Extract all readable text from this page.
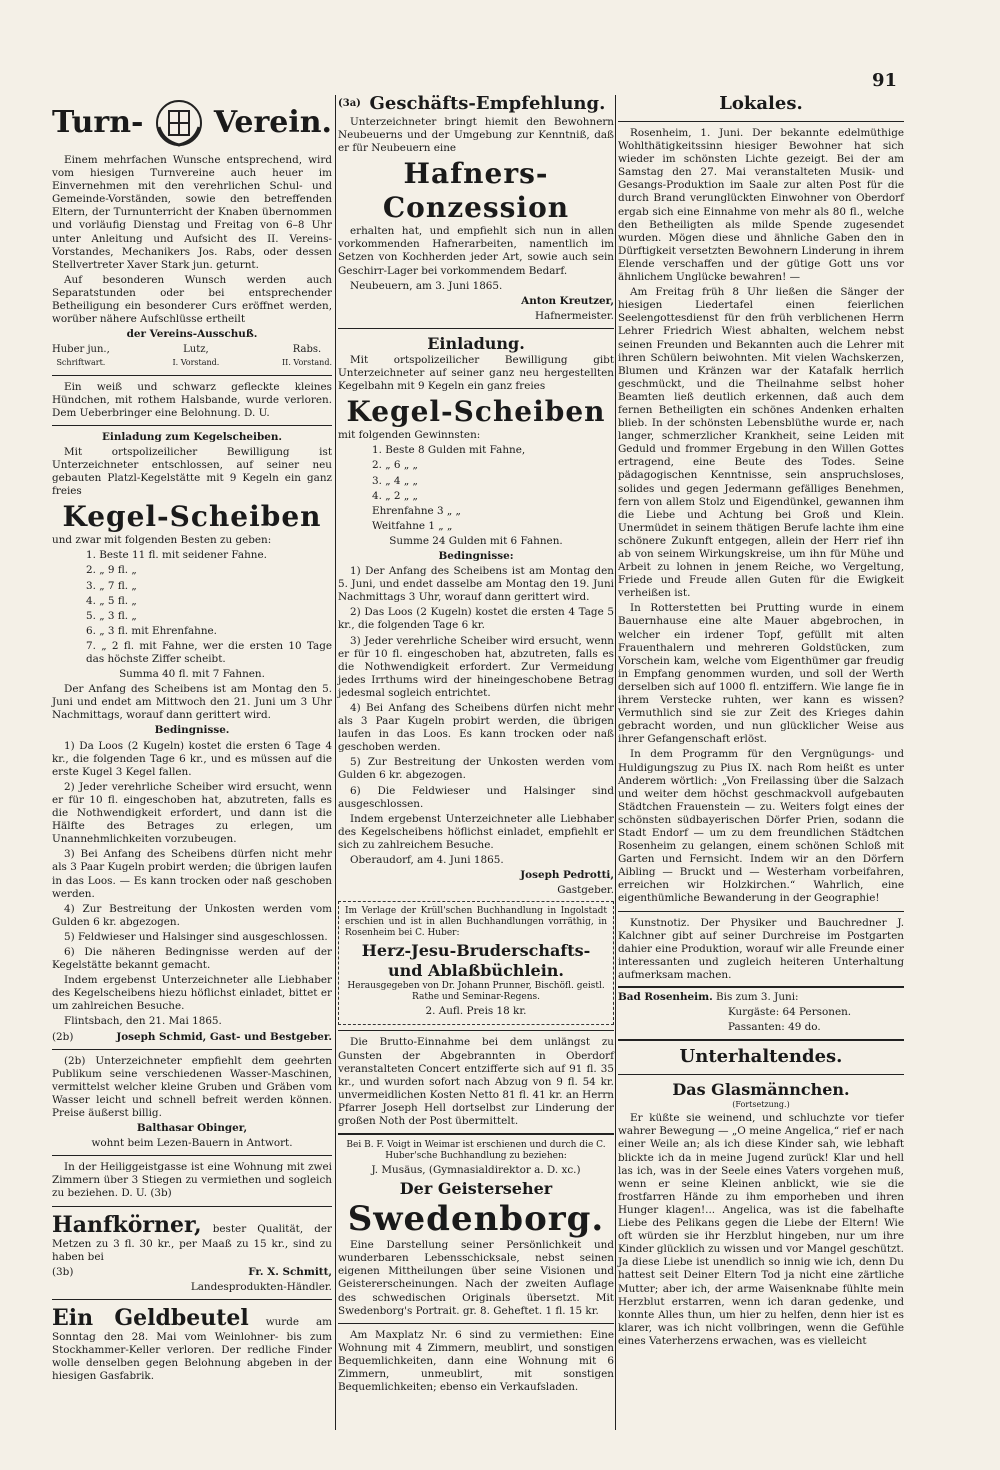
91
Turn- Verein.

Einem mehrfachen Wunsche entsprechend, wird vom hiesigen Turnvereine auch heuer im Einvernehmen mit den verehrlichen Schul- und Gemeinde-Vorständen, sowie den betreffenden Eltern, der Turnunterricht der Knaben übernommen und vorläufig Dienstag und Freitag von 6–8 Uhr unter Anleitung und Aufsicht des II. Vereins-Vorstandes, Mechanikers Jos. Rabs, oder dessen Stellvertreter Xaver Stark jun. geturnt.

Auf besonderen Wunsch werden auch Separatstunden oder bei entsprechender Betheiligung ein besonderer Curs eröffnet werden, worüber nähere Aufschlüsse ertheilt

der Vereins-Ausschuß.

Huber jun.,
Schriftwart.
Lutz,
I. Vorstand.
Rabs.
II. Vorstand.

Ein weiß und schwarz gefleckte kleines Hündchen, mit rothem Halsbande, wurde verloren. Dem Ueberbringer eine Belohnung. D. U.

Einladung zum Kegelscheiben.

Mit ortspolizeilicher Bewilligung ist Unterzeichneter entschlossen, auf seiner neu gebauten Platzl-Kegelstätte mit 9 Kegeln ein ganz freies

Kegel-Scheiben

und zwar mit folgenden Besten zu geben:

1. Beste 11 fl. mit seidener Fahne.

2. „ 9 fl. „

3. „ 7 fl. „

4. „ 5 fl. „

5. „ 3 fl. „

6. „ 3 fl. mit Ehrenfahne.

7. „ 2 fl. mit Fahne, wer die ersten 10 Tage das höchste Ziffer scheibt.

Summa 40 fl. mit 7 Fahnen.

Der Anfang des Scheibens ist am Montag den 5. Juni und endet am Mittwoch den 21. Juni um 3 Uhr Nachmittags, worauf dann gerittert wird.

Bedingnisse.

1) Da Loos (2 Kugeln) kostet die ersten 6 Tage 4 kr., die folgenden Tage 6 kr., und es müssen auf die erste Kugel 3 Kegel fallen.

2) Jeder verehrliche Scheiber wird ersucht, wenn er für 10 fl. eingeschoben hat, abzutreten, falls es die Nothwendigkeit erfordert, und dann ist die Hälfte des Betrages zu erlegen, um Unannehmlichkeiten vorzubeugen.

3) Bei Anfang des Scheibens dürfen nicht mehr als 3 Paar Kugeln probirt werden; die übrigen laufen in das Loos. — Es kann trocken oder naß geschoben werden.

4) Zur Bestreitung der Unkosten werden vom Gulden 6 kr. abgezogen.

5) Feldwieser und Halsinger sind ausgeschlossen.

6) Die näheren Bedingnisse werden auf der Kegelstätte bekannt gemacht.

Indem ergebenst Unterzeichneter alle Liebhaber des Kegelscheibens hiezu höflichst einladet, bittet er um zahlreichen Besuche.

Flintsbach, den 21. Mai 1865.

(2b)	Joseph Schmid, Gast- und Bestgeber.

(2b) Unterzeichneter empfiehlt dem geehrten Publikum seine verschiedenen Wasser-Maschinen, vermittelst welcher kleine Gruben und Gräben vom Wasser leicht und schnell befreit werden können. Preise äußerst billig.

Balthasar Obinger,

wohnt beim Lezen-Bauern in Antwort.

In der Heiliggeistgasse ist eine Wohnung mit zwei Zimmern über 3 Stiegen zu vermiethen und sogleich zu beziehen. D. U. (3b)

Hanfkörner, bester Qualität, der Metzen zu 3 fl. 30 kr., per Maaß zu 15 kr., sind zu haben bei

(3b)	Fr. X. Schmitt,

Landesprodukten-Händler.

Ein Geldbeutel wurde am Sonntag den 28. Mai vom Weinlohner- bis zum Stockhammer-Keller verloren. Der redliche Finder wolle denselben gegen Belohnung abgeben in der hiesigen Gasfabrik.

(3a) Geschäfts-Empfehlung.

Unterzeichneter bringt hiemit den Bewohnern Neubeuerns und der Umgebung zur Kenntniß, daß er für Neubeuern eine

Hafners-Conzession

erhalten hat, und empfiehlt sich nun in allen vorkommenden Hafnerarbeiten, namentlich im Setzen von Kochherden jeder Art, sowie auch sein Geschirr-Lager bei vorkommendem Bedarf.

Neubeuern, am 3. Juni 1865.

Anton Kreutzer,

Hafnermeister.

Einladung.

Mit ortspolizeilicher Bewilligung gibt Unterzeichneter auf seiner ganz neu hergestellten Kegelbahn mit 9 Kegeln ein ganz freies

Kegel-Scheiben

mit folgenden Gewinnsten:

1. Beste 8 Gulden mit Fahne,

2. „ 6 „ „

3. „ 4 „ „

4. „ 2 „ „

Ehrenfahne 3 „ „

Weitfahne 1 „ „

Summe 24 Gulden mit 6 Fahnen.

Bedingnisse:

1) Der Anfang des Scheibens ist am Montag den 5. Juni, und endet dasselbe am Montag den 19. Juni Nachmittags 3 Uhr, worauf dann gerittert wird.

2) Das Loos (2 Kugeln) kostet die ersten 4 Tage 5 kr., die folgenden Tage 6 kr.

3) Jeder verehrliche Scheiber wird ersucht, wenn er für 10 fl. eingeschoben hat, abzutreten, falls es die Nothwendigkeit erfordert. Zur Vermeidung jedes Irrthums wird der hineingeschobene Betrag jedesmal sogleich entrichtet.

4) Bei Anfang des Scheibens dürfen nicht mehr als 3 Paar Kugeln probirt werden, die übrigen laufen in das Loos. Es kann trocken oder naß geschoben werden.

5) Zur Bestreitung der Unkosten werden vom Gulden 6 kr. abgezogen.

6) Die Feldwieser und Halsinger sind ausgeschlossen.

Indem ergebenst Unterzeichneter alle Liebhaber des Kegelscheibens höflichst einladet, empfiehlt er sich zu zahlreichem Besuche.

Oberaudorf, am 4. Juni 1865.

Joseph Pedrotti,

Gastgeber.

Im Verlage der Krüll'schen Buchhandlung in Ingolstadt erschien und ist in allen Buchhandlungen vorräthig, in Rosenheim bei C. Huber:

Herz-Jesu-Bruderschafts- und Ablaßbüchlein.

Herausgegeben von Dr. Johann Prunner, Bischöfl. geistl. Rathe und Seminar-Regens.

2. Aufl. Preis 18 kr.

Die Brutto-Einnahme bei dem unlängst zu Gunsten der Abgebrannten in Oberdorf veranstalteten Concert entzifferte sich auf 91 fl. 35 kr., und wurden sofort nach Abzug von 9 fl. 54 kr. unvermeidlichen Kosten Netto 81 fl. 41 kr. an Herrn Pfarrer Joseph Hell dortselbst zur Linderung der großen Noth der Post übermittelt.

Bei B. F. Voigt in Weimar ist erschienen und durch die C. Huber'sche Buchhandlung zu beziehen:

J. Musäus, (Gymnasialdirektor a. D. xc.)

Der Geisterseher
Swedenborg.

Eine Darstellung seiner Persönlichkeit und wunderbaren Lebensschicksale, nebst seinen eigenen Mittheilungen über seine Visionen und Geistererscheinungen. Nach der zweiten Auflage des schwedischen Originals übersetzt. Mit Swedenborg's Portrait. gr. 8. Geheftet. 1 fl. 15 kr.

Am Maxplatz Nr. 6 sind zu vermiethen: Eine Wohnung mit 4 Zimmern, meublirt, und sonstigen Bequemlichkeiten, dann eine Wohnung mit 6 Zimmern, unmeublirt, mit sonstigen Bequemlichkeiten; ebenso ein Verkaufsladen.

Lokales.

Rosenheim, 1. Juni. Der bekannte edelmüthige Wohlthätigkeitssinn hiesiger Bewohner hat sich wieder im schönsten Lichte gezeigt. Bei der am Samstag den 27. Mai veranstalteten Musik- und Gesangs-Produktion im Saale zur alten Post für die durch Brand verunglückten Einwohner von Oberdorf ergab sich eine Einnahme von mehr als 80 fl., welche den Betheiligten als milde Spende zugesendet wurden. Mögen diese und ähnliche Gaben den in Dürftigkeit versetzten Bewohnern Linderung in ihrem Elende verschaffen und der gütige Gott uns vor ähnlichem Unglücke bewahren! —

Am Freitag früh 8 Uhr ließen die Sänger der hiesigen Liedertafel einen feierlichen Seelengottesdienst für den früh verblichenen Herrn Lehrer Friedrich Wiest abhalten, welchem nebst seinen Freunden und Bekannten auch die Lehrer mit ihren Schülern beiwohnten. Mit vielen Wachskerzen, Blumen und Kränzen war der Katafalk herrlich geschmückt, und die Theilnahme selbst hoher Beamten ließ deutlich erkennen, daß auch dem fernen Betheiligten ein schönes Andenken erhalten blieb. In der schönsten Lebensblüthe wurde er, nach langer, schmerzlicher Krankheit, seine Leiden mit Geduld und frommer Ergebung in den Willen Gottes ertragend, eine Beute des Todes. Seine pädagogischen Kenntnisse, sein anspruchsloses, solides und gegen Jedermann gefälliges Benehmen, fern von allem Stolz und Eigendünkel, gewannen ihm die Liebe und Achtung bei Groß und Klein. Unermüdet in seinem thätigen Berufe lachte ihm eine schönere Zukunft entgegen, allein der Herr rief ihn ab von seinem Wirkungskreise, um ihn für Mühe und Arbeit zu lohnen in jenem Reiche, wo Vergeltung, Friede und Freude allen Guten für die Ewigkeit verheißen ist.

In Rotterstetten bei Prutting wurde in einem Bauernhause eine alte Mauer abgebrochen, in welcher ein irdener Topf, gefüllt mit alten Frauenthalern und mehreren Goldstücken, zum Vorschein kam, welche vom Eigenthümer gar freudig in Empfang genommen wurden, und soll der Werth derselben sich auf 1000 fl. entziffern. Wie lange fie in ihrem Verstecke ruhten, wer kann es wissen? Vermuthlich sind sie zur Zeit des Krieges dahin gebracht worden, und nun glücklicher Weise aus ihrer Gefangenschaft erlöst.

In dem Programm für den Vergnügungs- und Huldigungszug zu Pius IX. nach Rom heißt es unter Anderem wörtlich: „Von Freilassing über die Salzach und weiter dem höchst geschmackvoll aufgebauten Städtchen Frauenstein — zu. Weiters folgt eines der schönsten südbayerischen Dörfer Prien, sodann die Stadt Endorf — um zu dem freundlichen Städtchen Rosenheim zu gelangen, einem schönen Schloß mit Garten und Fernsicht. Indem wir an den Dörfern Aibling — Bruckt und — Westerham vorbeifahren, erreichen wir Holzkirchen.“ Wahrlich, eine eigenthümliche Bewanderung in der Geographie!

Kunstnotiz. Der Physiker und Bauchredner J. Kalchner gibt auf seiner Durchreise im Postgarten dahier eine Produktion, worauf wir alle Freunde einer interessanten und zugleich heiteren Unterhaltung aufmerksam machen.

Bad Rosenheim. Bis zum 3. Juni:

Kurgäste: 64 Personen.

Passanten: 49 do.

Unterhaltendes.
Das Glasmännchen.

(Fortsetzung.)

Er küßte sie weinend, und schluchzte vor tiefer wahrer Bewegung — „O meine Angelica,“ rief er nach einer Weile an; als ich diese Kinder sah, wie lebhaft blickte ich da in meine Jugend zurück! Klar und hell las ich, was in der Seele eines Vaters vorgehen muß, wenn er seine Kleinen anblickt, wie sie die frostfarren Hände zu ihm emporheben und ihren Hunger klagen!... Angelica, was ist die fabelhafte Liebe des Pelikans gegen die Liebe der Eltern! Wie oft würden sie ihr Herzblut hingeben, nur um ihre Kinder glücklich zu wissen und vor Mangel geschützt. Ja diese Liebe ist unendlich so innig wie ich, denn Du hattest seit Deiner Eltern Tod ja nicht eine zärtliche Mutter; aber ich, der arme Waisenknabe fühlte mein Herzblut erstarren, wenn ich daran gedenke, und konnte Alles thun, um hier zu helfen, denn hier ist es klarer, was ich nicht vollbringen, wenn die Gefühle eines Vaterherzens erwachen, was es vielleicht
